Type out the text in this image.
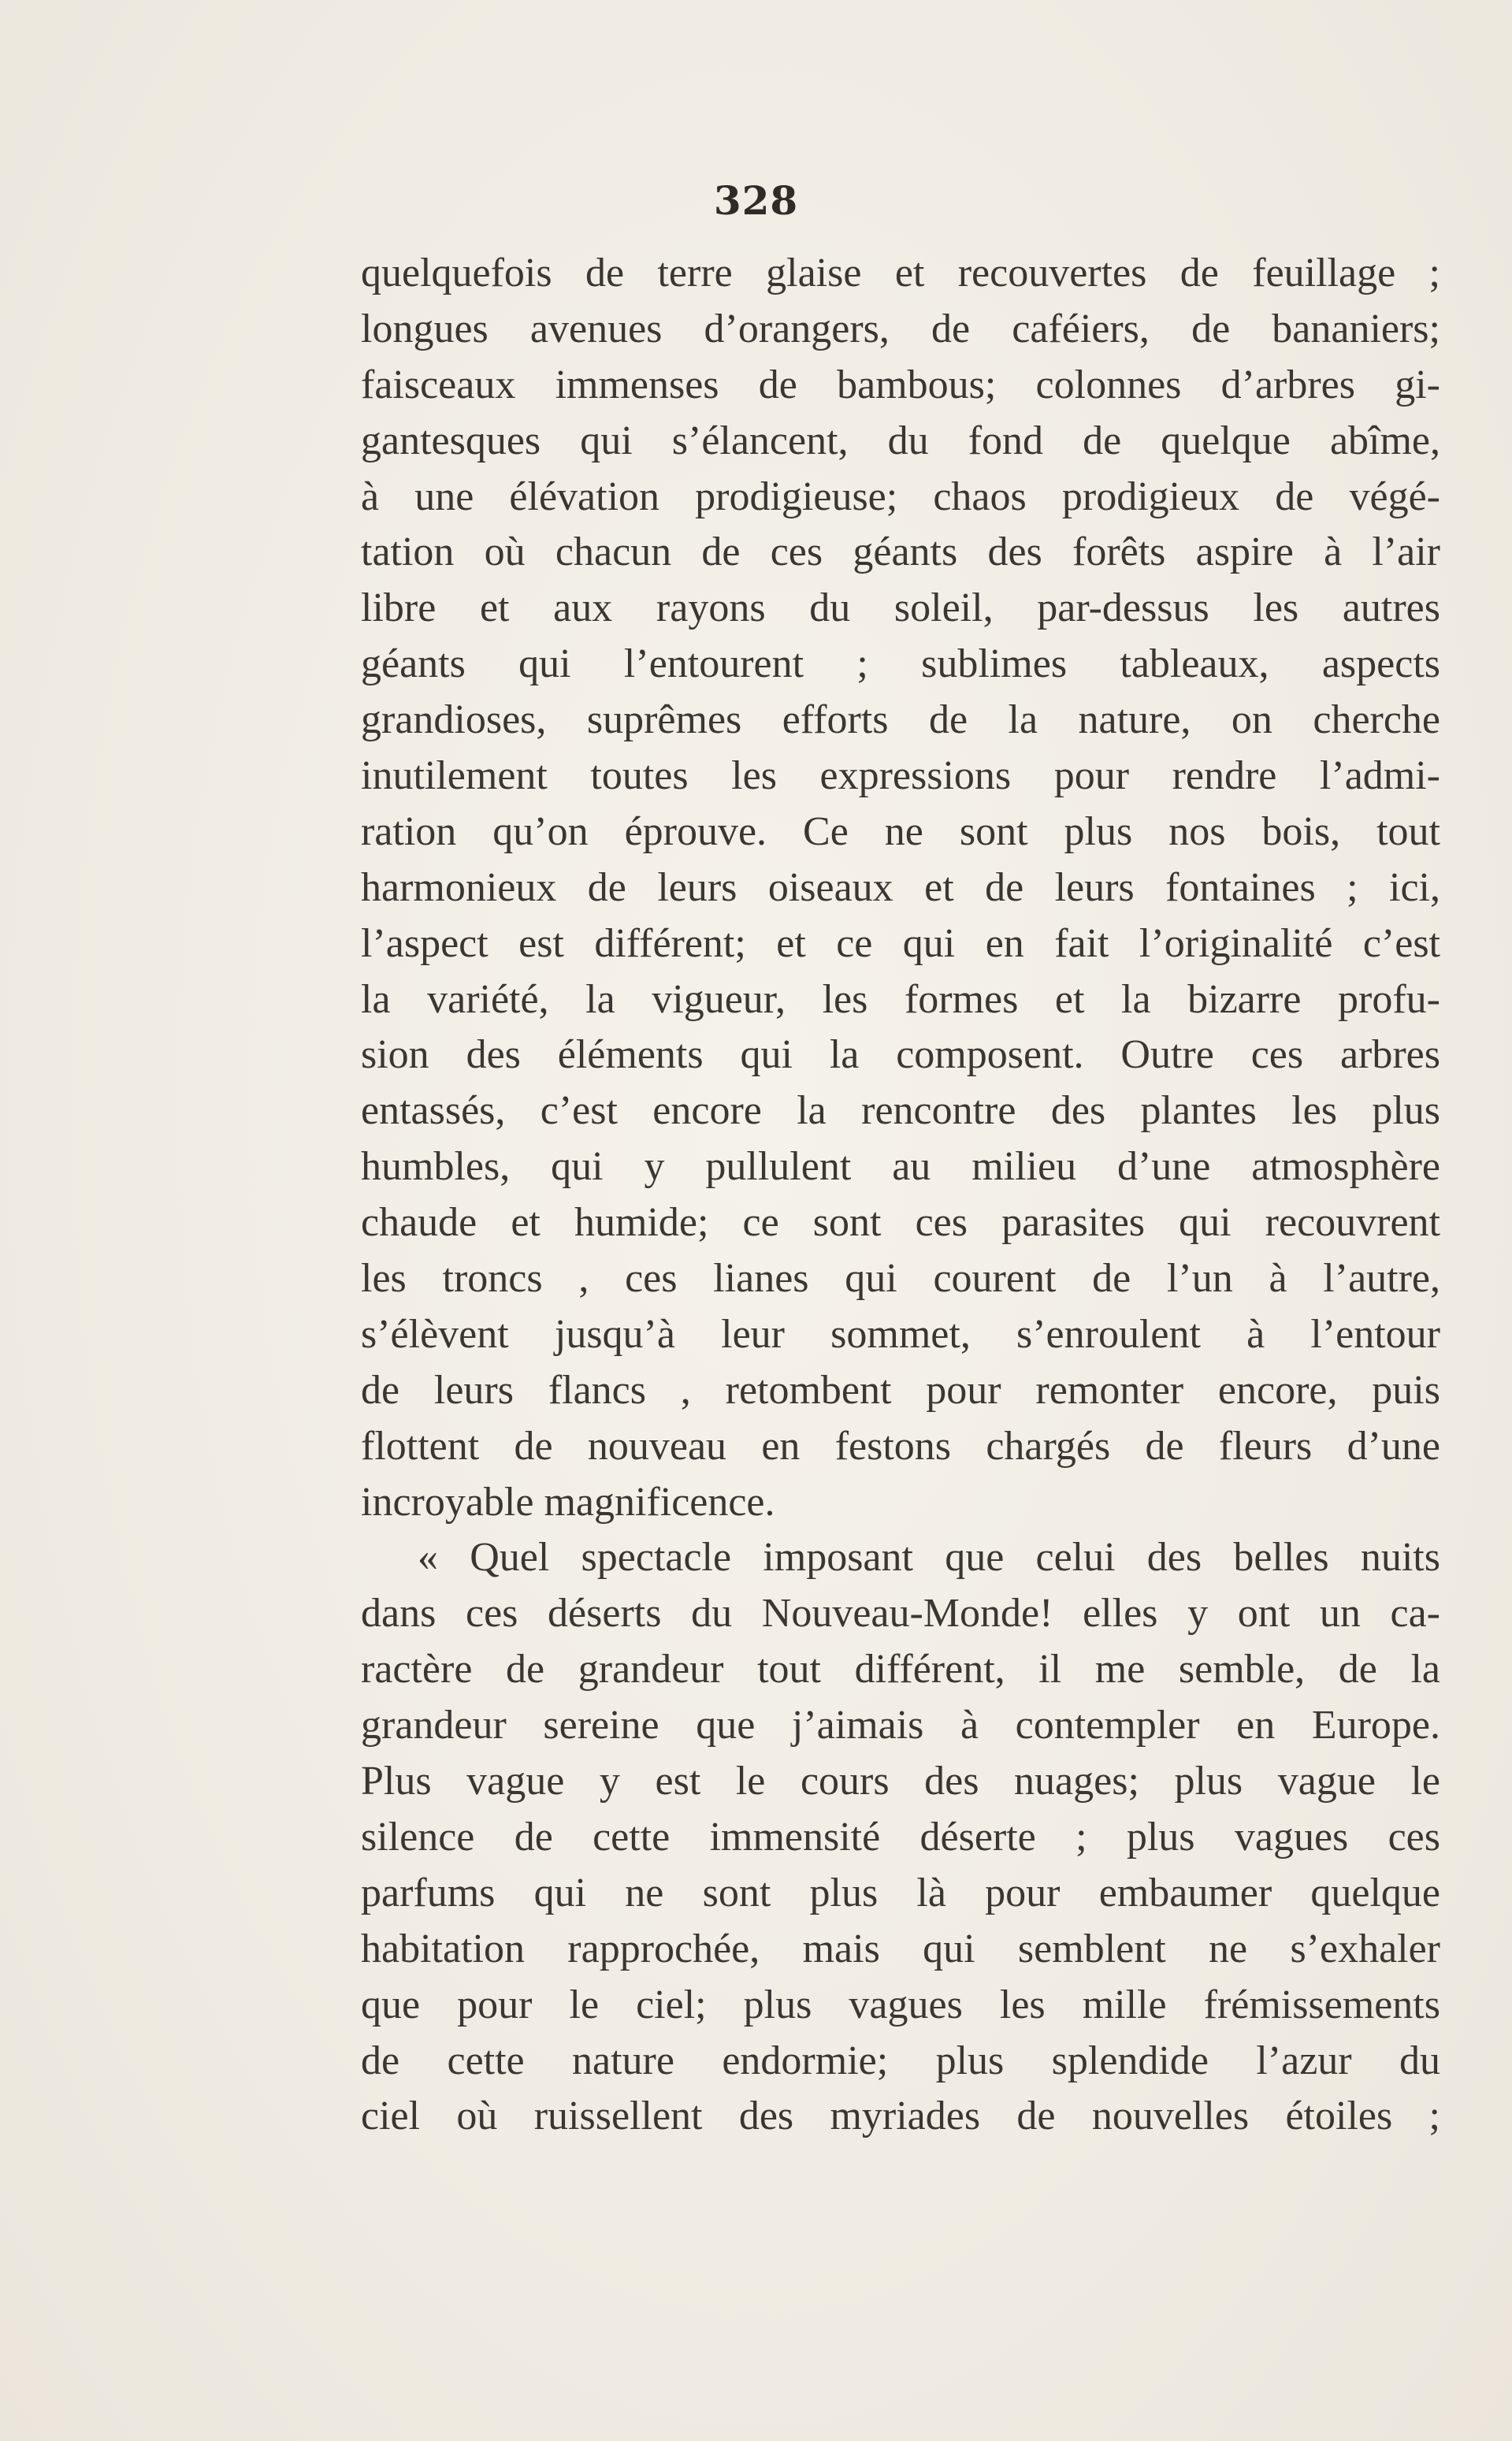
328
quelquefois de terre glaise et recouvertes de feuillage ;
longues avenues d’orangers, de caféiers, de bananiers;
faisceaux immenses de bambous; colonnes d’arbres gi-
gantesques qui s’élancent, du fond de quelque abîme,
à une élévation prodigieuse; chaos prodigieux de végé-
tation où chacun de ces géants des forêts aspire à l’air
libre et aux rayons du soleil, par-dessus les autres
géants qui l’entourent ; sublimes tableaux, aspects
grandioses, suprêmes efforts de la nature, on cherche
inutilement toutes les expressions pour rendre l’admi-
ration qu’on éprouve. Ce ne sont plus nos bois, tout
harmonieux de leurs oiseaux et de leurs fontaines ; ici,
l’aspect est différent; et ce qui en fait l’originalité c’est
la variété, la vigueur, les formes et la bizarre profu-
sion des éléments qui la composent. Outre ces arbres
entassés, c’est encore la rencontre des plantes les plus
humbles, qui y pullulent au milieu d’une atmosphère
chaude et humide; ce sont ces parasites qui recouvrent
les troncs , ces lianes qui courent de l’un à l’autre,
s’élèvent jusqu’à leur sommet, s’enroulent à l’entour
de leurs flancs , retombent pour remonter encore, puis
flottent de nouveau en festons chargés de fleurs d’une
incroyable magnificence.
« Quel spectacle imposant que celui des belles nuits
dans ces déserts du Nouveau-Monde! elles y ont un ca-
ractère de grandeur tout différent, il me semble, de la
grandeur sereine que j’aimais à contempler en Europe.
Plus vague y est le cours des nuages; plus vague le
silence de cette immensité déserte ; plus vagues ces
parfums qui ne sont plus là pour embaumer quelque
habitation rapprochée, mais qui semblent ne s’exhaler
que pour le ciel; plus vagues les mille frémissements
de cette nature endormie; plus splendide l’azur du
ciel où ruissellent des myriades de nouvelles étoiles ;
